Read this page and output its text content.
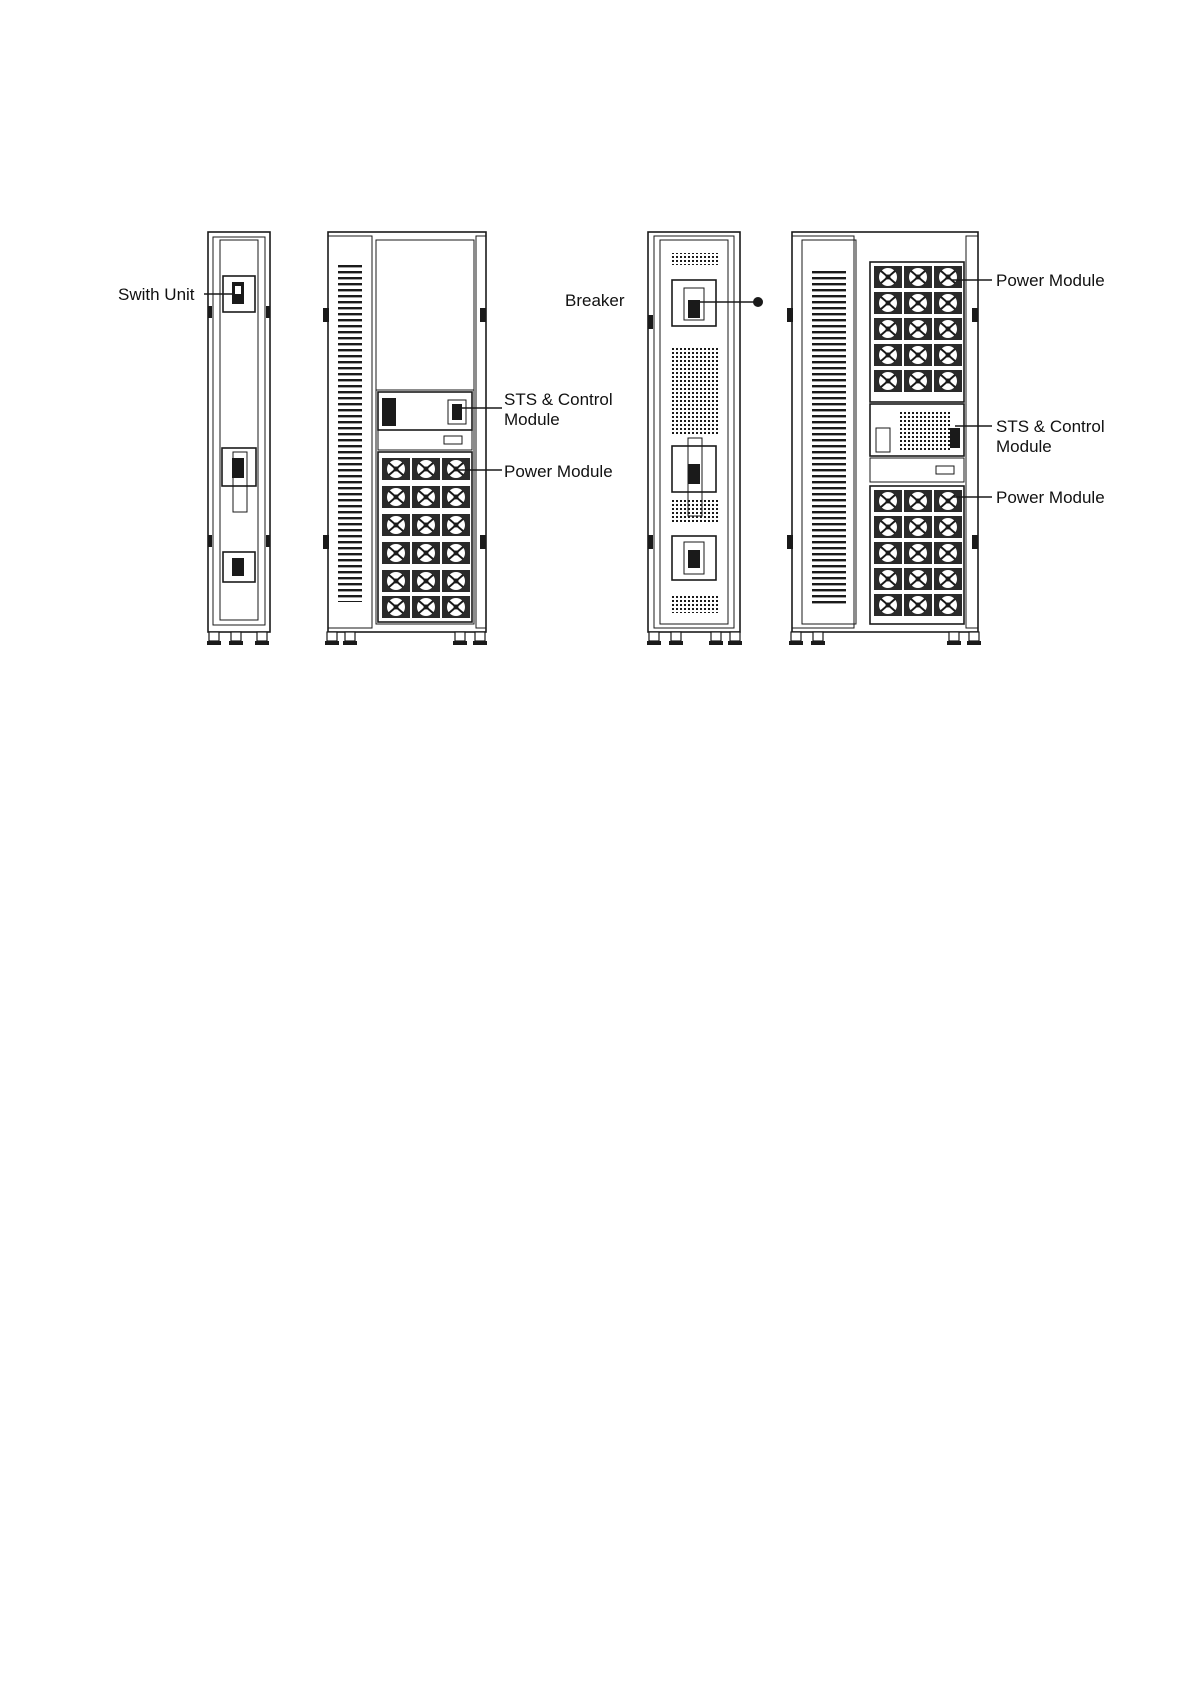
Swith Unit
STS & Control
Module
Power Module
Breaker
Power Module
STS & Control
Module
Power Module
